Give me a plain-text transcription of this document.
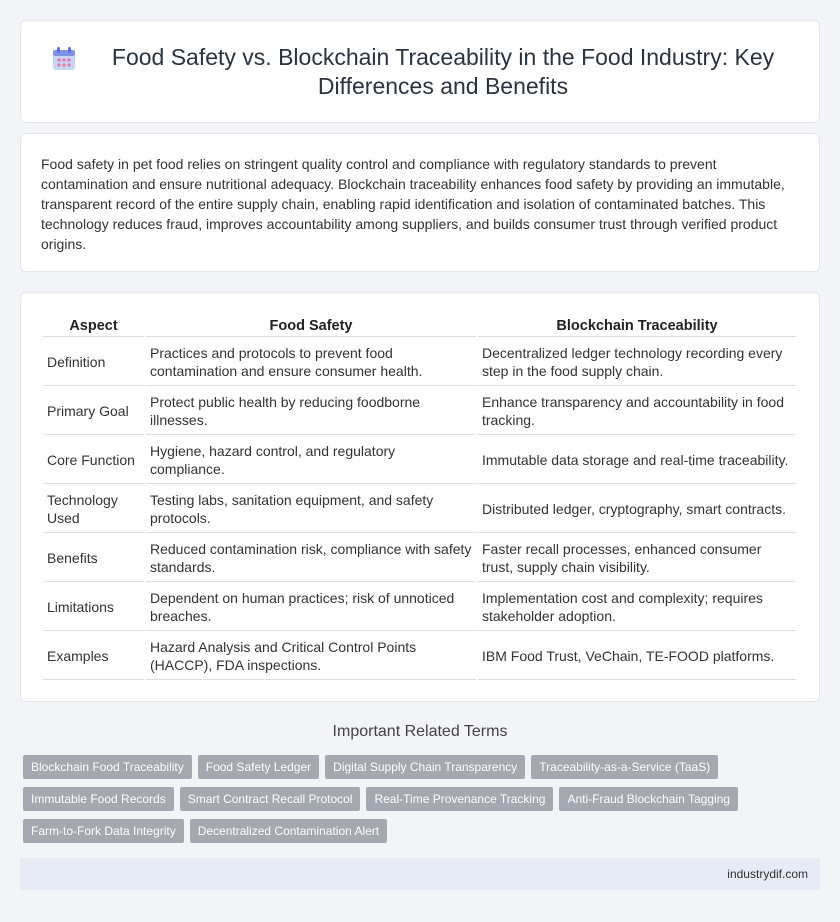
Food Safety vs. Blockchain Traceability in the Food Industry: Key Differences and Benefits

Food safety in pet food relies on stringent quality control and compliance with regulatory standards to prevent contamination and ensure nutritional adequacy. Blockchain traceability enhances food safety by providing an immutable, transparent record of the entire supply chain, enabling rapid identification and isolation of contaminated batches. This technology reduces fraud, improves accountability among suppliers, and builds consumer trust through verified product origins.

Aspect	Food Safety	Blockchain Traceability
Definition	Practices and protocols to prevent food contamination and ensure consumer health.	Decentralized ledger technology recording every step in the food supply chain.
Primary Goal	Protect public health by reducing foodborne illnesses.	Enhance transparency and accountability in food tracking.
Core Function	Hygiene, hazard control, and regulatory compliance.	Immutable data storage and real-time traceability.
Technology Used	Testing labs, sanitation equipment, and safety protocols.	Distributed ledger, cryptography, smart contracts.
Benefits	Reduced contamination risk, compliance with safety standards.	Faster recall processes, enhanced consumer trust, supply chain visibility.
Limitations	Dependent on human practices; risk of unnoticed breaches.	Implementation cost and complexity; requires stakeholder adoption.
Examples	Hazard Analysis and Critical Control Points (HACCP), FDA inspections.	IBM Food Trust, VeChain, TE-FOOD platforms.
Important Related Terms
Blockchain Food Traceability	Food Safety Ledger	Digital Supply Chain Transparency	Traceability-as-a-Service (TaaS)
Immutable Food Records	Smart Contract Recall Protocol	Real-Time Provenance Tracking	Anti-Fraud Blockchain Tagging
Farm-to-Fork Data Integrity	Decentralized Contamination Alert
industrydif.com
